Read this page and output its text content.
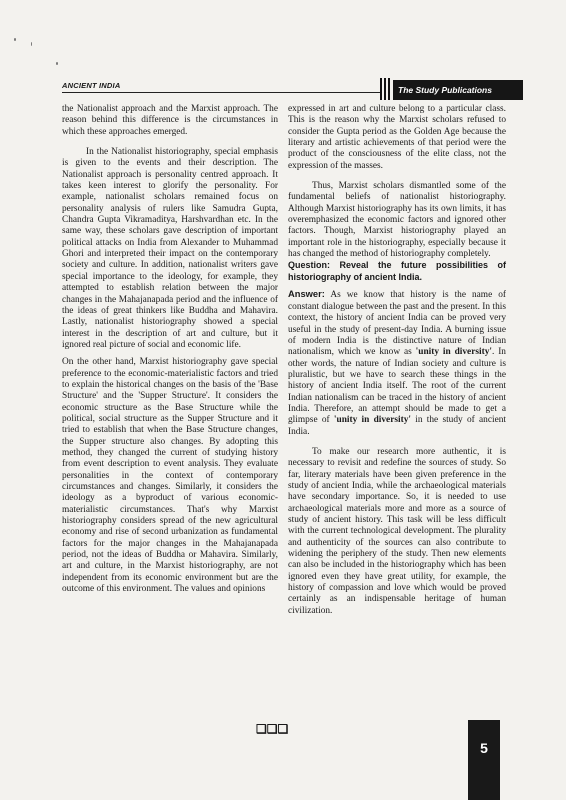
ANCIENT INDIA	The Study Publications

the Nationalist approach and the Marxist approach. The reason behind this difference is the circumstances in which these approaches emerged.

In the Nationalist historiography, special emphasis is given to the events and their description. The Nationalist approach is personality centred approach. It takes keen interest to glorify the personality. For example, nationalist scholars remained focus on personality analysis of rulers like Samudra Gupta, Chandra Gupta Vikramaditya, Harshvardhan etc. In the same way, these scholars gave description of important political attacks on India from Alexander to Muhammad Ghori and interpreted their impact on the contemporary society and culture. In addition, nationalist writers gave special importance to the ideology, for example, they attempted to establish relation between the major changes in the Mahajanapada period and the influence of the ideas of great thinkers like Buddha and Mahavira. Lastly, nationalist historiography showed a special interest in the description of art and culture, but it ignored real picture of social and economic life.

On the other hand, Marxist historiography gave special preference to the economic-materialistic factors and tried to explain the historical changes on the basis of the 'Base Structure' and the 'Supper Structure'. It considers the economic structure as the Base Structure while the political, social structure as the Supper Structure and it tried to establish that when the Base Structure changes, the Supper structure also changes. By adopting this method, they changed the current of studying history from event description to event analysis. They evaluate personalities in the context of contemporary circumstances and changes. Similarly, it considers the ideology as a byproduct of various economic-materialistic circumstances. That's why Marxist historiography considers spread of the new agricultural economy and rise of second urbanization as fundamental factors for the major changes in the Mahajanapada period, not the ideas of Buddha or Mahavira. Similarly, art and culture, in the Marxist historiography, are not independent from its economic environment but are the outcome of this environment. The values and opinions

expressed in art and culture belong to a particular class. This is the reason why the Marxist scholars refused to consider the Gupta period as the Golden Age because the literary and artistic achievements of that period were the product of the consciousness of the elite class, not the expression of the masses.

Thus, Marxist scholars dismantled some of the fundamental beliefs of nationalist historiography. Although Marxist historiography has its own limits, it has overemphasized the economic factors and ignored other factors. Though, Marxist historiography played an important role in the historiography, especially because it has changed the method of historiography completely.

Question: Reveal the future possibilities of historiography of ancient India.

Answer: As we know that history is the name of constant dialogue between the past and the present. In this context, the history of ancient India can be proved very useful in the study of present-day India. A burning issue of modern India is the distinctive nature of Indian nationalism, which we know as 'unity in diversity'. In other words, the nature of Indian society and culture is pluralistic, but we have to search these things in the history of ancient India itself. The root of the current Indian nationalism can be traced in the history of ancient India. Therefore, an attempt should be made to get a glimpse of 'unity in diversity' in the study of ancient India.

To make our research more authentic, it is necessary to revisit and redefine the sources of study. So far, literary materials have been given preference in the study of ancient India, while the archaeological materials have secondary importance. So, it is needed to use archaeological materials more and more as a source of study of ancient history. This task will be less difficult with the current technological development. The plurality and authenticity of the sources can also contribute to widening the periphery of the study. Then new elements can also be included in the historiography which has been ignored even they have great utility, for example, the history of compassion and love which would be proved certainly as an indispensable heritage of human civilization.

❑❑❑
5
